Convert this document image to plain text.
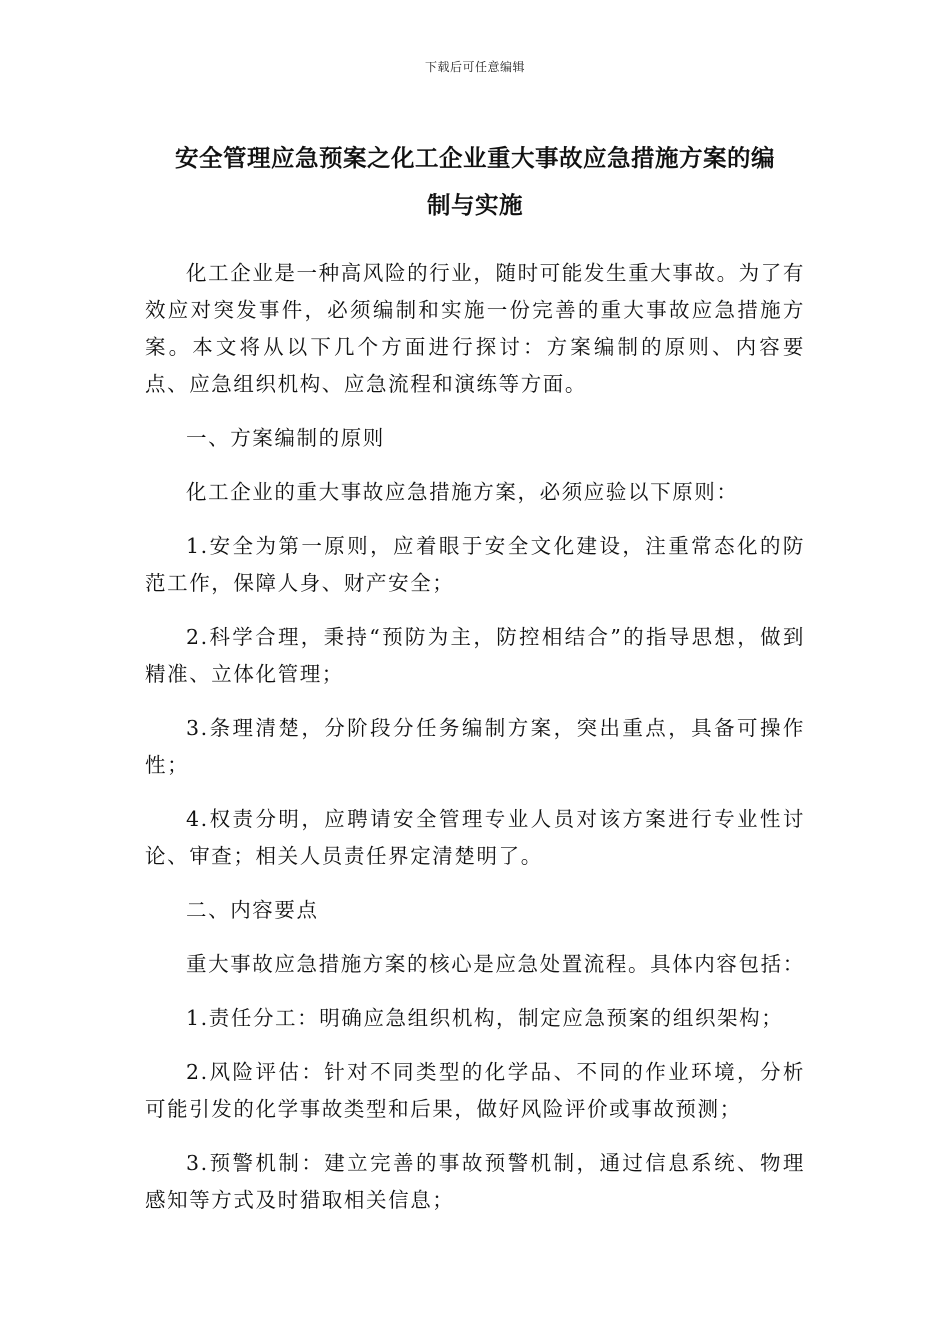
下载后可任意编辑
安全管理应急预案之化工企业重大事故应急措施方案的编
制与实施

化工企业是一种高风险的行业，随时可能发生重大事故。为了有效应对突发事件，必须编制和实施一份完善的重大事故应急措施方案。本文将从以下几个方面进行探讨：方案编制的原则、内容要点、应急组织机构、应急流程和演练等方面。

一、方案编制的原则

化工企业的重大事故应急措施方案，必须应验以下原则：

1.安全为第一原则，应着眼于安全文化建设，注重常态化的防范工作，保障人身、财产安全；

2.科学合理，秉持“预防为主，防控相结合”的指导思想，做到精准、立体化管理；

3.条理清楚，分阶段分任务编制方案，突出重点，具备可操作性；

4.权责分明，应聘请安全管理专业人员对该方案进行专业性讨论、审查；相关人员责任界定清楚明了。

二、内容要点

重大事故应急措施方案的核心是应急处置流程。具体内容包括：

1.责任分工：明确应急组织机构，制定应急预案的组织架构；

2.风险评估：针对不同类型的化学品、不同的作业环境，分析可能引发的化学事故类型和后果，做好风险评价或事故预测；

3.预警机制：建立完善的事故预警机制，通过信息系统、物理感知等方式及时猎取相关信息；
